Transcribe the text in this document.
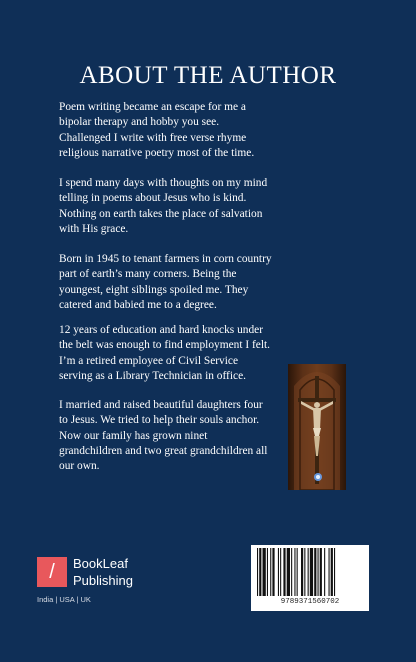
ABOUT THE AUTHOR
Poem writing became an escape for me a
bipolar therapy and hobby you see.
Challenged I write with free verse rhyme
religious narrative poetry most of the time.
I spend many days with thoughts on my mind
telling in poems about Jesus who is kind.
Nothing on earth takes the place of salvation
with His grace.
Born in 1945 to tenant farmers in corn country
part of earth’s many corners. Being the
youngest, eight siblings spoiled me. They
catered and babied me to a degree.
12 years of education and hard knocks under
the belt was enough to find employment I felt.
I’m a retired employee of Civil Service
serving as a Library Technician in office.
I married and raised beautiful daughters four
to Jesus. We tried to help their souls anchor.
Now our family has grown ninet
grandchildren and two great grandchildren all
our own.
/	BookLeaf
Publishing
India | USA | UK	9789371560702
